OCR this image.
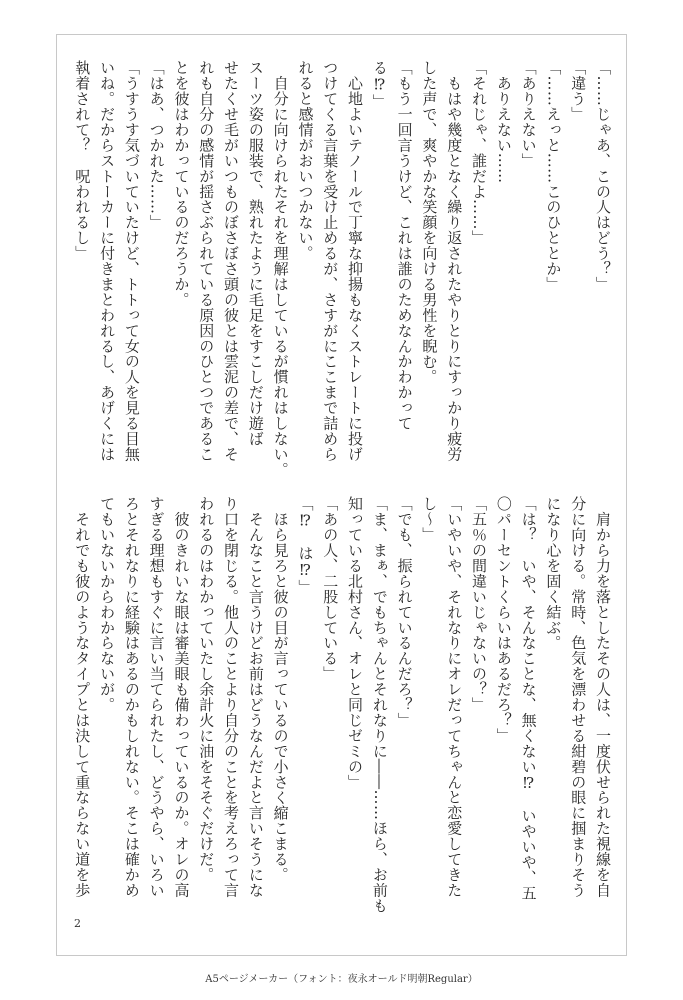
「……じゃあ、この人はどう？」

「違う」

「……えっと……このひととか」

「ありえない」

　ありえない……

「それじゃ、誰だよ……」

　もはや幾度となく繰り返されたやりとりにすっかり疲労

した声で、爽やかな笑顔を向ける男性を睨む。

「もう一回言うけど、これは誰のためなんかわかって

る⁉」

　心地よいテノールで丁寧な抑揚もなくストレートに投げ

つけてくる言葉を受け止めるが、さすがにここまで詰めら

れると感情がおいつかない。

　自分に向けられたそれを理解はしているが慣れはしない。

スーツ姿の服装で、熟れたように毛足をすこしだけ遊ば

せたくせ毛がいつものぼさぼさ頭の彼とは雲泥の差で、そ

れも自分の感情が揺さぶられている原因のひとつであるこ

とを彼はわかっているのだろうか。

「はあ、つかれた……」

「うすうす気づいていたけど、トトって女の人を見る目無

いね。だからストーカーに付きまとわれるし、あげくには

執着されて？　呪われるし」

　肩から力を落としたその人は、一度伏せられた視線を自

分に向ける。常時、色気を漂わせる紺碧の眼に掴まりそう

になり心を固く結ぶ。

「は？　いや、そんなことな、無くない⁉　いやいや、五

〇パーセントくらいはあるだろ？」

「五％の間違いじゃないの？」

「いやいや、それなりにオレだってちゃんと恋愛してきた

し～」

「でも、振られているんだろ？」

「ま、まぁ、でもちゃんとそれなりに――……ほら、お前も

知っている北村さん、オレと同じゼミの」

「あの人、二股している」

「⁉　は⁉」

　ほら見ろと彼の目が言っているので小さく縮こまる。

　そんなこと言うけどお前はどうなんだよと言いそうにな

り口を閉じる。他人のことより自分のことを考えろって言

われるのはわかっていたし余計火に油をそそぐだけだ。

　彼のきれいな眼は審美眼も備わっているのか。オレの高

すぎる理想もすぐに言い当てられたし、どうやら、いろい

ろとそれなりに経験はあるのかもしれない。そこは確かめ

てもいないからわからないが。

　それでも彼のようなタイプとは決して重ならない道を歩

2
A5ページメーカー（フォント：夜永オールド明朝Regular）
